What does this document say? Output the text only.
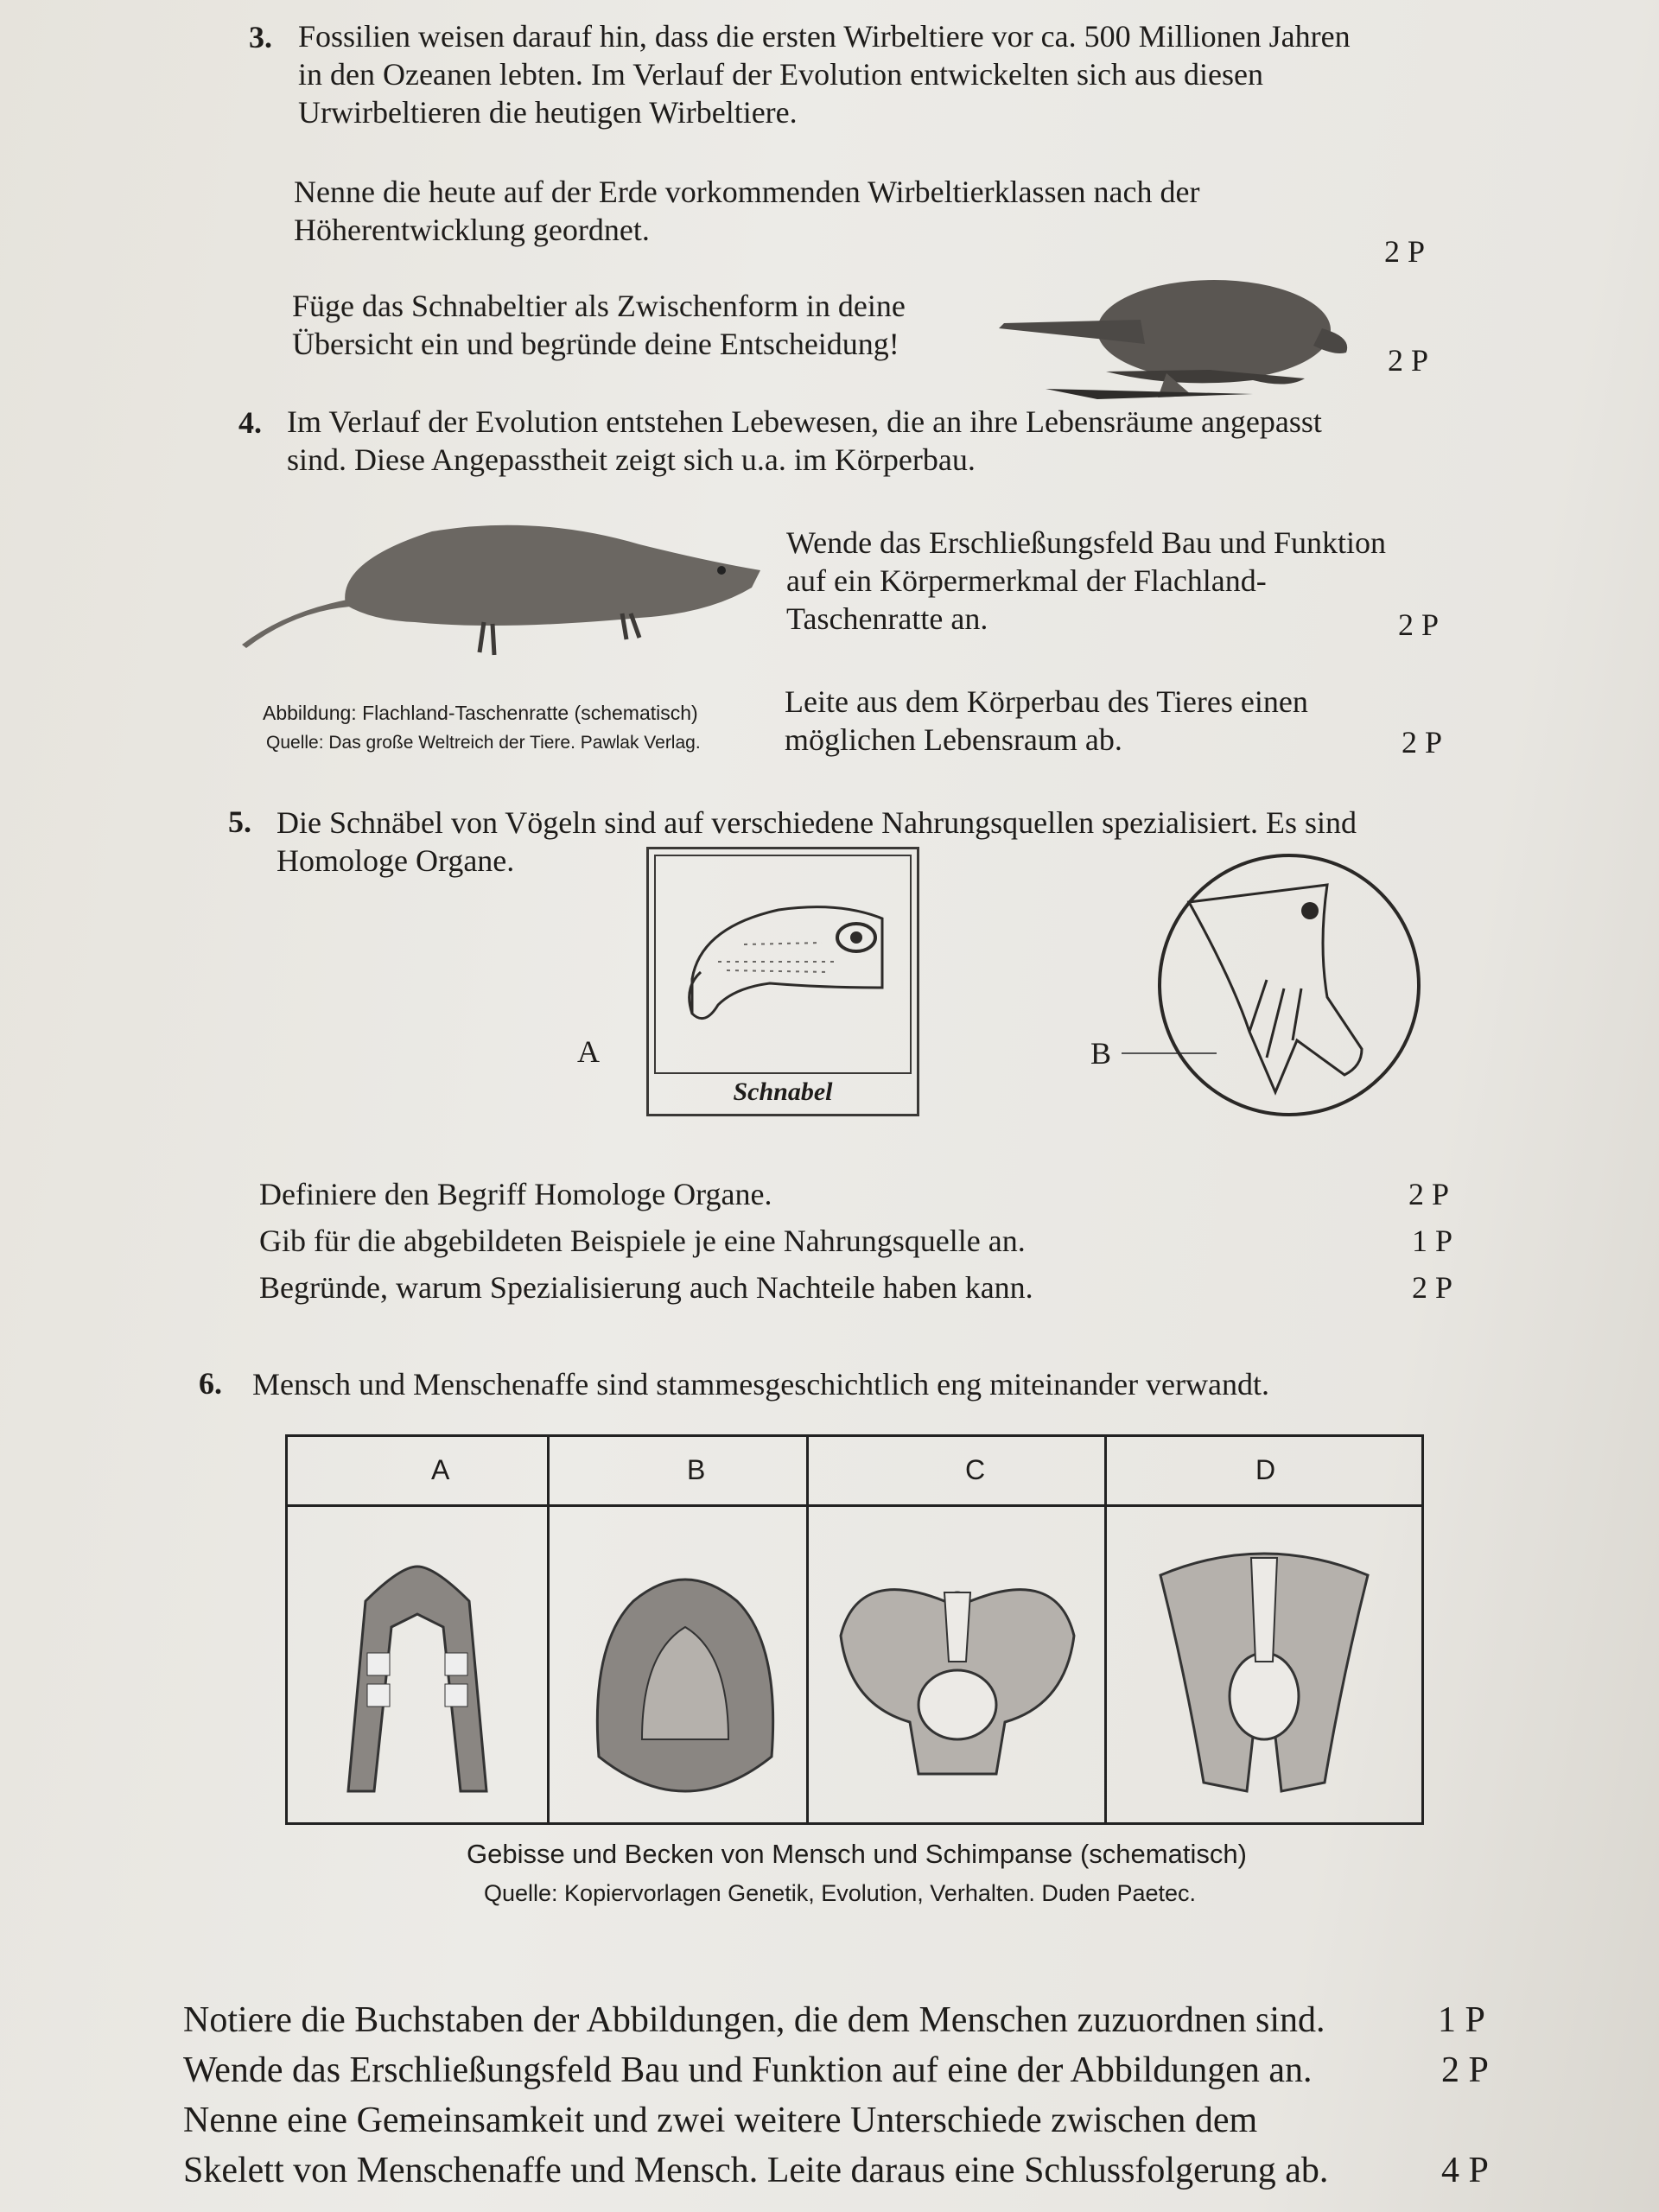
3. Fossilien weisen darauf hin, dass die ersten Wirbeltiere vor ca. 500 Millionen Jahren
in den Ozeanen lebten. Im Verlauf der Evolution entwickelten sich aus diesen
Urwirbeltieren die heutigen Wirbeltiere.
Nenne die heute auf der Erde vorkommenden Wirbeltierklassen nach der
Höherentwicklung geordnet.
2 P
Füge das Schnabeltier als Zwischenform in deine
Übersicht ein und begründe deine Entscheidung!	2 P
4. Im Verlauf der Evolution entstehen Lebewesen, die an ihre Lebensräume angepasst
sind. Diese Angepasstheit zeigt sich u.a. im Körperbau.
Abbildung: Flachland-Taschenratte (schematisch)
Quelle: Das große Weltreich der Tiere. Pawlak Verlag.
Wende das Erschließungsfeld Bau und Funktion
auf ein Körpermerkmal der Flachland-
Taschenratte an.	2 P
Leite aus dem Körperbau des Tieres einen
möglichen Lebensraum ab.	2 P
5. Die Schnäbel von Vögeln sind auf verschiedene Nahrungsquellen spezialisiert. Es sind
Homologe Organe.
Schnabel
A	B
Definiere den Begriff Homologe Organe.	2 P
Gib für die abgebildeten Beispiele je eine Nahrungsquelle an.	1 P
Begründe, warum Spezialisierung auch Nachteile haben kann.	2 P
6. Mensch und Menschenaffe sind stammesgeschichtlich eng miteinander verwandt.
A	B	C	D
Gebisse und Becken von Mensch und Schimpanse (schematisch)
Quelle: Kopiervorlagen Genetik, Evolution, Verhalten. Duden Paetec.
Notiere die Buchstaben der Abbildungen, die dem Menschen zuzuordnen sind.	1 P
Wende das Erschließungsfeld Bau und Funktion auf eine der Abbildungen an.	2 P
Nenne eine Gemeinsamkeit und zwei weitere Unterschiede zwischen dem
Skelett von Menschenaffe und Mensch. Leite daraus eine Schlussfolgerung ab.	4 P
